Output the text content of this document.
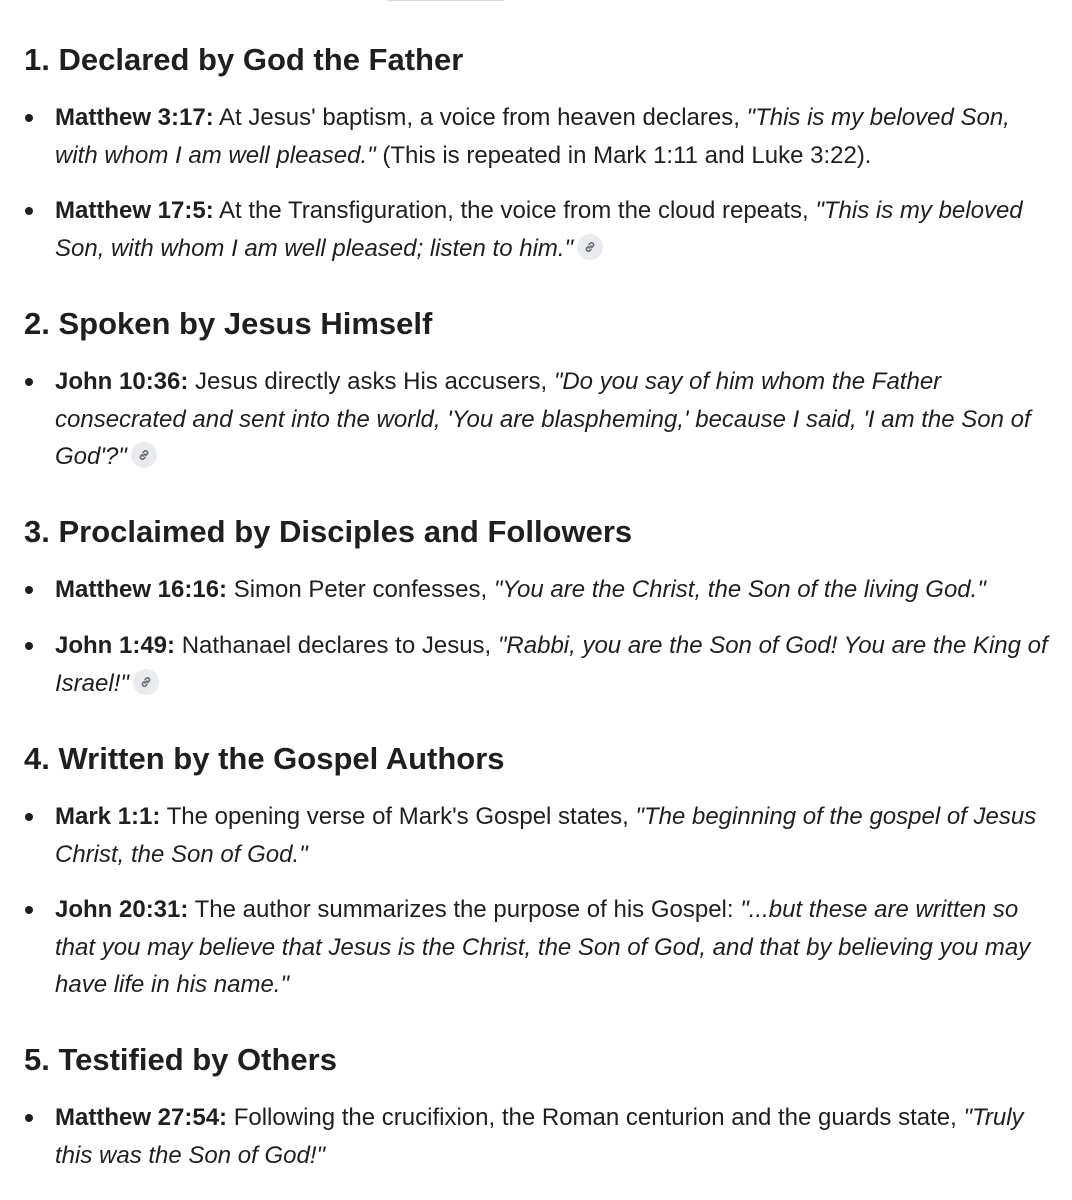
1. Declared by God the Father

Matthew 3:17: At Jesus' baptism, a voice from heaven declares, "This is my beloved Son, with whom I am well pleased." (This is repeated in Mark 1:11 and Luke 3:22).

Matthew 17:5: At the Transfiguration, the voice from the cloud repeats, "This is my beloved Son, with whom I am well pleased; listen to him."

2. Spoken by Jesus Himself

John 10:36: Jesus directly asks His accusers, "Do you say of him whom the Father consecrated and sent into the world, 'You are blaspheming,' because I said, 'I am the Son of God'?"

3. Proclaimed by Disciples and Followers

Matthew 16:16: Simon Peter confesses, "You are the Christ, the Son of the living God."

John 1:49: Nathanael declares to Jesus, "Rabbi, you are the Son of God! You are the King of Israel!"

4. Written by the Gospel Authors

Mark 1:1: The opening verse of Mark's Gospel states, "The beginning of the gospel of Jesus Christ, the Son of God."

John 20:31: The author summarizes the purpose of his Gospel: "...but these are written so that you may believe that Jesus is the Christ, the Son of God, and that by believing you may have life in his name."

5. Testified by Others

Matthew 27:54: Following the crucifixion, the Roman centurion and the guards state, "Truly this was the Son of God!"
